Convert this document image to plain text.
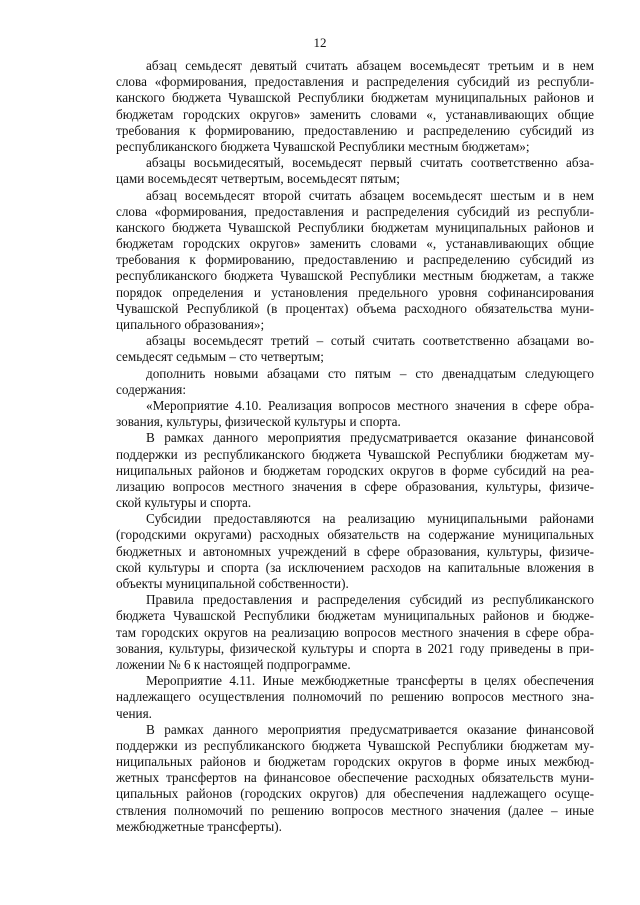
12
абзац семьдесят девятый считать абзацем восемьдесят третьим и в нем
слова «формирования, предоставления и распределения субсидий из республи-
канского бюджета Чувашской Республики бюджетам муниципальных районов и
бюджетам городских округов» заменить словами «, устанавливающих общие
требования к формированию, предоставлению и распределению субсидий из
республиканского бюджета Чувашской Республики местным бюджетам»;
абзацы восьмидесятый, восемьдесят первый считать соответственно абза-
цами восемьдесят четвертым, восемьдесят пятым;
абзац восемьдесят второй считать абзацем восемьдесят шестым и в нем
слова «формирования, предоставления и распределения субсидий из республи-
канского бюджета Чувашской Республики бюджетам муниципальных районов и
бюджетам городских округов» заменить словами «, устанавливающих общие
требования к формированию, предоставлению и распределению субсидий из
республиканского бюджета Чувашской Республики местным бюджетам, а также
порядок определения и установления предельного уровня софинансирования
Чувашской Республикой (в процентах) объема расходного обязательства муни-
ципального образования»;
абзацы восемьдесят третий – сотый считать соответственно абзацами во-
семьдесят седьмым – сто четвертым;
дополнить новыми абзацами сто пятым – сто двенадцатым следующего
содержания:
«Мероприятие 4.10. Реализация вопросов местного значения в сфере обра-
зования, культуры, физической культуры и спорта.
В рамках данного мероприятия предусматривается оказание финансовой
поддержки из республиканского бюджета Чувашской Республики бюджетам му-
ниципальных районов и бюджетам городских округов в форме субсидий на реа-
лизацию вопросов местного значения в сфере образования, культуры, физиче-
ской культуры и спорта.
Субсидии предоставляются на реализацию муниципальными районами
(городскими округами) расходных обязательств на содержание муниципальных
бюджетных и автономных учреждений в сфере образования, культуры, физиче-
ской культуры и спорта (за исключением расходов на капитальные вложения в
объекты муниципальной собственности).
Правила предоставления и распределения субсидий из республиканского
бюджета Чувашской Республики бюджетам муниципальных районов и бюдже-
там городских округов на реализацию вопросов местного значения в сфере обра-
зования, культуры, физической культуры и спорта в 2021 году приведены в при-
ложении № 6 к настоящей подпрограмме.
Мероприятие 4.11. Иные межбюджетные трансферты в целях обеспечения
надлежащего осуществления полномочий по решению вопросов местного зна-
чения.
В рамках данного мероприятия предусматривается оказание финансовой
поддержки из республиканского бюджета Чувашской Республики бюджетам му-
ниципальных районов и бюджетам городских округов в форме иных межбюд-
жетных трансфертов на финансовое обеспечение расходных обязательств муни-
ципальных районов (городских округов) для обеспечения надлежащего осуще-
ствления полномочий по решению вопросов местного значения (далее – иные
межбюджетные трансферты).
